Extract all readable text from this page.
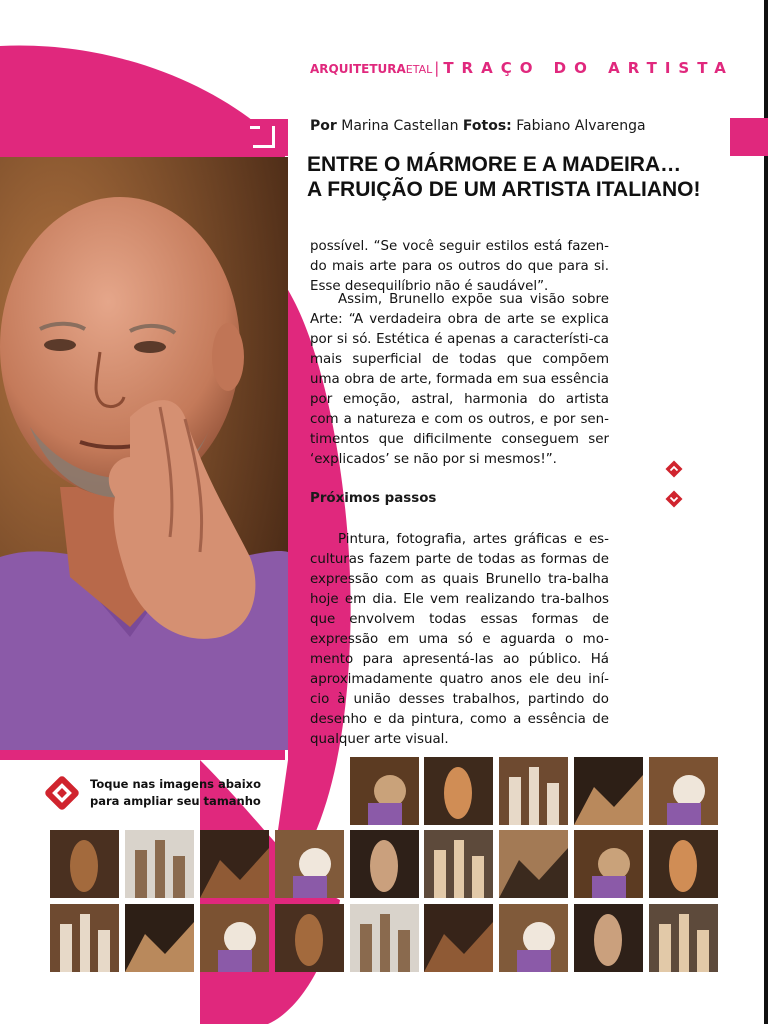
ARQUITETURAETAL | TRAÇO DO ARTISTA
Por Marina Castellan Fotos: Fabiano Alvarenga
ENTRE O MÁRMORE E A MADEIRA…
A FRUIÇÃO DE UM ARTISTA ITALIANO!
possível. “Se você seguir estilos está fazen-do mais arte para os outros do que para si. Esse desequilíbrio não é saudável”.
Assim, Brunello expõe sua visão sobre Arte: “A verdadeira obra de arte se explica por si só. Estética é apenas a característi-ca mais superficial de todas que compõem uma obra de arte, formada em sua essência por emoção, astral, harmonia do artista com a natureza e com os outros, e por sen-timentos que dificilmente conseguem ser ‘explicados’ se não por si mesmos!”.
Próximos passos
Pintura, fotografia, artes gráficas e es-culturas fazem parte de todas as formas de expressão com as quais Brunello tra-balha hoje em dia. Ele vem realizando tra-balhos que envolvem todas essas formas de expressão em uma só e aguarda o mo-mento para apresentá-las ao público. Há aproximadamente quatro anos ele deu iní-cio à união desses trabalhos, partindo do desenho e da pintura, como a essência de qualquer arte visual.
Toque nas imagens abaixo
para ampliar seu tamanho
